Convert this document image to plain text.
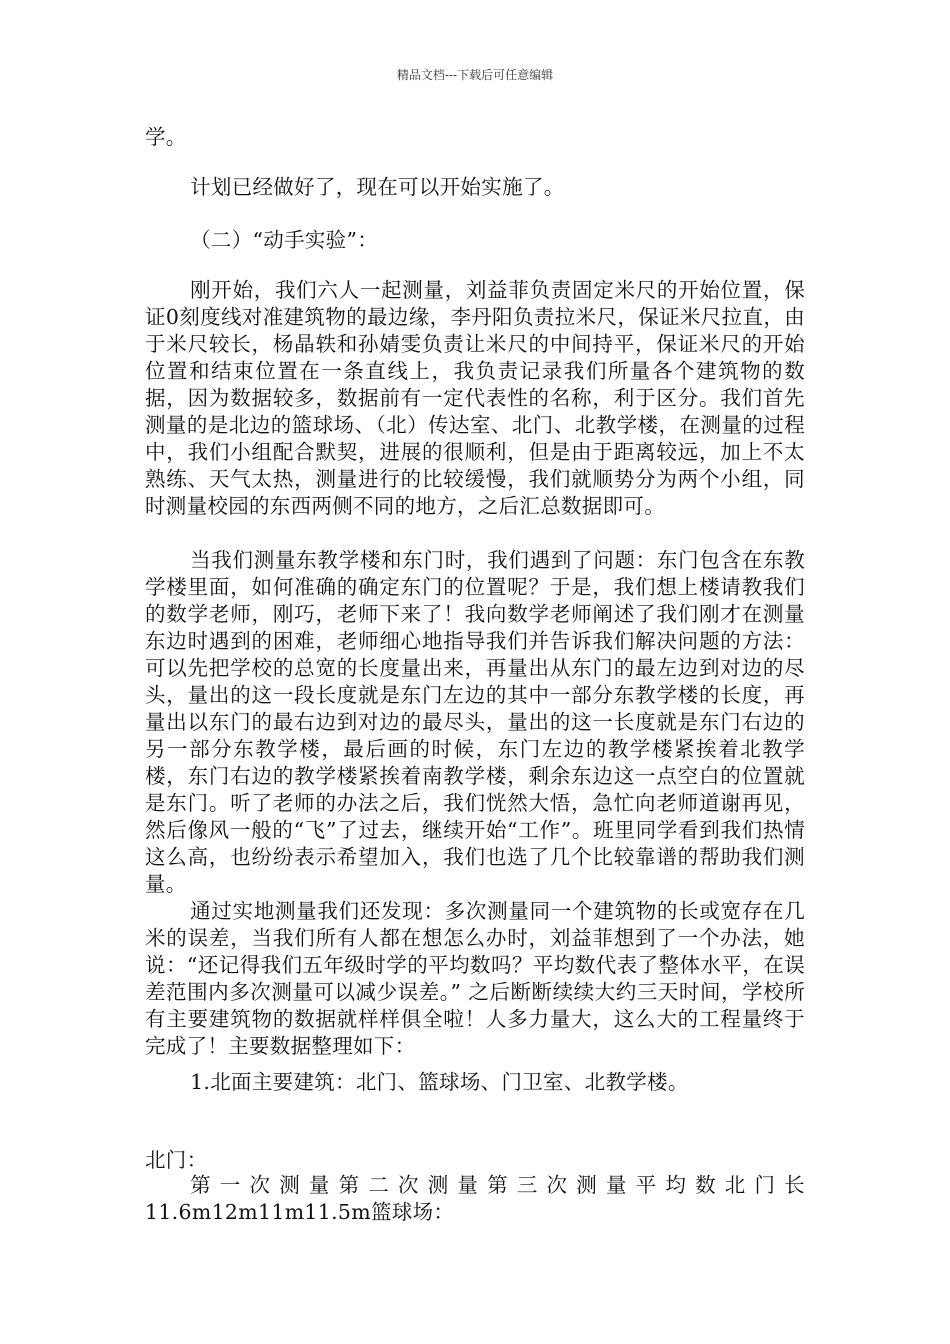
精品文档---下载后可任意编辑

学。

计划已经做好了，现在可以开始实施了。

（二）“动手实验”：

刚开始，我们六人一起测量，刘益菲负责固定米尺的开始位置，保证0刻度线对准建筑物的最边缘，李丹阳负责拉米尺，保证米尺拉直，由于米尺较长，杨晶轶和孙婧雯负责让米尺的中间持平，保证米尺的开始位置和结束位置在一条直线上，我负责记录我们所量各个建筑物的数据，因为数据较多，数据前有一定代表性的名称，利于区分。我们首先测量的是北边的篮球场、（北）传达室、北门、北教学楼，在测量的过程中，我们小组配合默契，进展的很顺利，但是由于距离较远，加上不太熟练、天气太热，测量进行的比较缓慢，我们就顺势分为两个小组，同时测量校园的东西两侧不同的地方，之后汇总数据即可。

当我们测量东教学楼和东门时，我们遇到了问题：东门包含在东教学楼里面，如何准确的确定东门的位置呢？于是，我们想上楼请教我们的数学老师，刚巧，老师下来了！我向数学老师阐述了我们刚才在测量东边时遇到的困难，老师细心地指导我们并告诉我们解决问题的方法：可以先把学校的总宽的长度量出来，再量出从东门的最左边到对边的尽头，量出的这一段长度就是东门左边的其中一部分东教学楼的长度，再量出以东门的最右边到对边的最尽头，量出的这一长度就是东门右边的另一部分东教学楼，最后画的时候，东门左边的教学楼紧挨着北教学楼，东门右边的教学楼紧挨着南教学楼，剩余东边这一点空白的位置就是东门。听了老师的办法之后，我们恍然大悟，急忙向老师道谢再见，然后像风一般的“飞”了过去，继续开始“工作”。班里同学看到我们热情这么高，也纷纷表示希望加入，我们也选了几个比较靠谱的帮助我们测量。

通过实地测量我们还发现：多次测量同一个建筑物的长或宽存在几米的误差，当我们所有人都在想怎么办时，刘益菲想到了一个办法，她说：“还记得我们五年级时学的平均数吗？平均数代表了整体水平，在误差范围内多次测量可以减少误差。” 之后断断续续大约三天时间，学校所有主要建筑物的数据就样样俱全啦！人多力量大，这么大的工程量终于完成了！主要数据整理如下：

1.北面主要建筑：北门、篮球场、门卫室、北教学楼。

北门：

第一次测量第二次测量第三次测量平均数北门长

11.6m12m11m11.5m篮球场：
